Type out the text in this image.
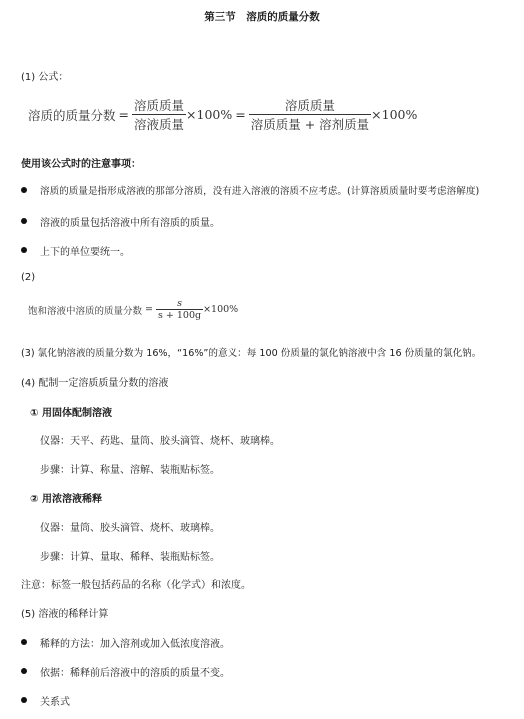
第三节　溶质的质量分数
(1) 公式：
溶质的质量分数 = $\frac{\text{溶质质量}}{\text{溶液质量}} \times 100\% = \frac{\text{溶质质量}}{\text{溶质质量 + 溶剂质量}} \times 100\%$
使用该公式时的注意事项：
溶质的质量是指形成溶液的那部分溶质，没有进入溶液的溶质不应考虑。(计算溶质质量时要考虑溶解度)
溶液的质量包括溶液中所有溶质的质量。
上下的单位要统一。
(2)
饱和溶液中溶质的质量分数 = $\frac{s}{s + 100g} \times 100\%$
(3) 氯化钠溶液的质量分数为 16%，“16%”的意义：每 100 份质量的氯化钠溶液中含 16 份质量的氯化钠。
(4) 配制一定溶质质量分数的溶液
① 用固体配制溶液
仪器：天平、药匙、量筒、胶头滴管、烧杯、玻璃棒。
步骤：计算、称量、溶解、装瓶贴标签。
② 用浓溶液稀释
仪器：量筒、胶头滴管、烧杯、玻璃棒。
步骤：计算、量取、稀释、装瓶贴标签。
注意：标签一般包括药品的名称（化学式）和浓度。
(5) 溶液的稀释计算
稀释的方法：加入溶剂或加入低浓度溶液。
依据：稀释前后溶液中的溶质的质量不变。
关系式
